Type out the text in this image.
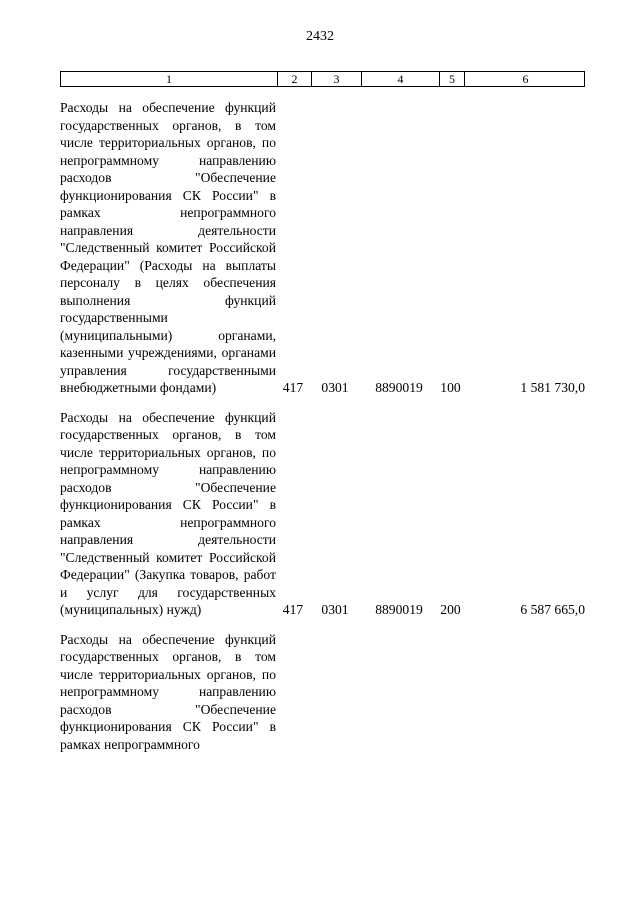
2432
1	2	3	4	5	6
Расходы на обеспечение функций государственных органов, в том числе территориальных органов, по непрограммному направлению расходов "Обеспечение функционирования СК России" в рамках непрограммного направления деятельности "Следственный комитет Российской Федерации" (Расходы на выплаты персоналу в целях обеспечения выполнения функций государственными (муниципальными) органами, казенными учреждениями, органами управления государственными внебюджетными фондами)	417	0301	8890019	100	1 581 730,0
Расходы на обеспечение функций государственных органов, в том числе территориальных органов, по непрограммному направлению расходов "Обеспечение функционирования СК России" в рамках непрограммного направления деятельности "Следственный комитет Российской Федерации" (Закупка товаров, работ и услуг для государственных (муниципальных) нужд)	417	0301	8890019	200	6 587 665,0
Расходы на обеспечение функций государственных органов, в том числе территориальных органов, по непрограммному направлению расходов "Обеспечение функционирования СК России" в рамках непрограммного
